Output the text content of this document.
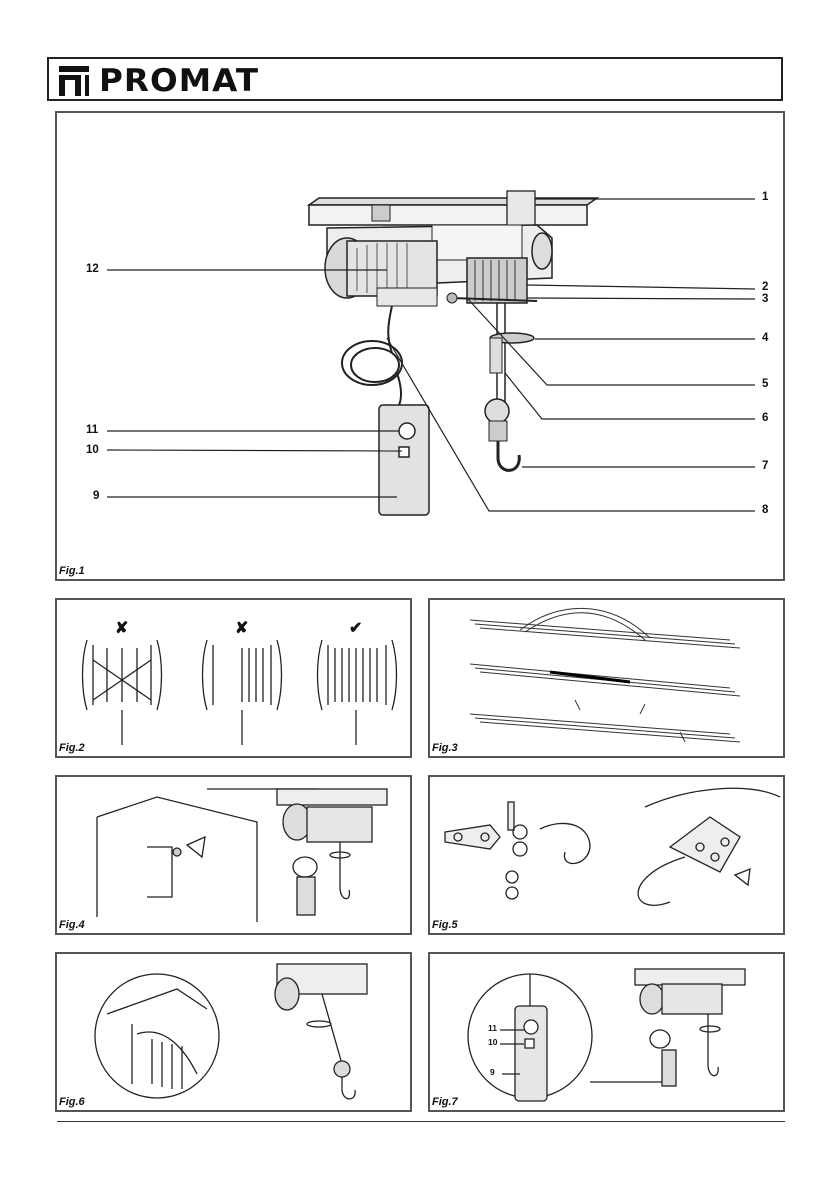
PROMAT
1
2
3
4
5
6
7
8
9
10
11
12
Fig.1
✘	✘	✔
Fig.2	Fig.3
Fig.4	Fig.5
Fig.6
11
10
9
Fig.7
